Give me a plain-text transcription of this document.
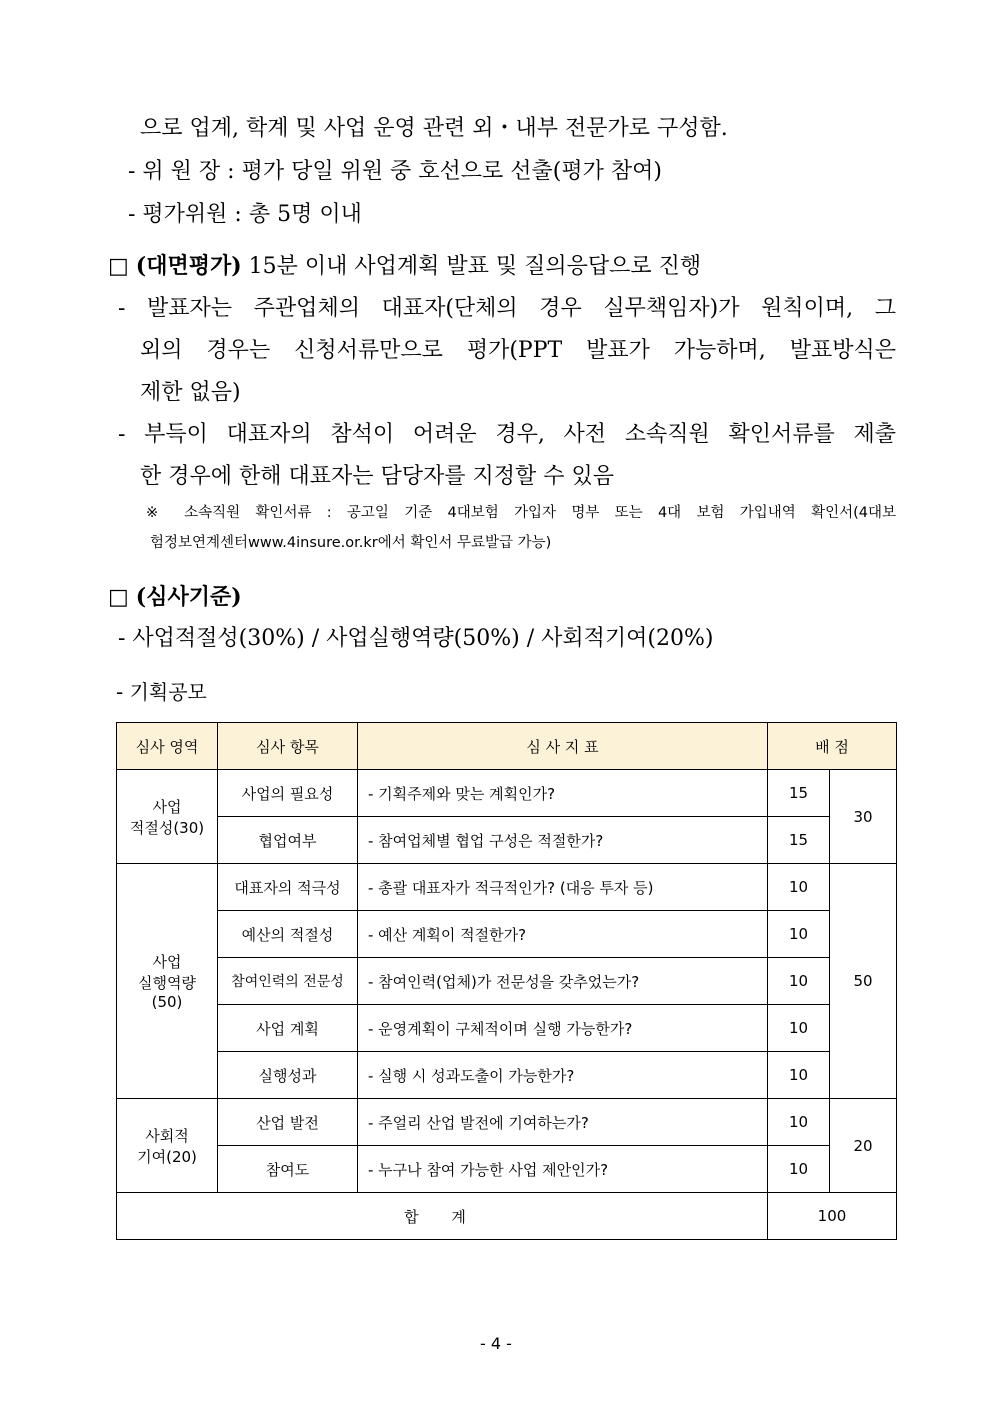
으로 업계, 학계 및 사업 운영 관련 외・내부 전문가로 구성함.
- 위 원 장 : 평가 당일 위원 중 호선으로 선출(평가 참여)
- 평가위원 : 총 5명 이내
□ (대면평가) 15분 이내 사업계획 발표 및 질의응답으로 진행
- 발표자는 주관업체의 대표자(단체의 경우 실무책임자)가 원칙이며, 그
외의 경우는 신청서류만으로 평가(PPT 발표가 가능하며, 발표방식은
제한 없음)
- 부득이 대표자의 참석이 어려운 경우, 사전 소속직원 확인서류를 제출
한 경우에 한해 대표자는 담당자를 지정할 수 있음
※ 소속직원 확인서류 : 공고일 기준 4대보험 가입자 명부 또는 4대 보험 가입내역 확인서(4대보
험정보연계센터www.4insure.or.kr에서 확인서 무료발급 가능)
□ (심사기준)
- 사업적절성(30%) / 사업실행역량(50%) / 사회적기여(20%)
- 기획공모
심사 영역	심사 항목	심 사 지 표	배 점	

사업
적절성(30)	사업의 필요성	- 기획주제와 맞는 계획인가?	15	30
	협업여부	- 참여업체별 협업 구성은 적절한가?	15	

사업
실행역량
(50)	대표자의 적극성	- 총괄 대표자가 적극적인가? (대응 투자 등)	10	50
	예산의 적절성	- 예산 계획이 적절한가?	10	
	참여인력의 전문성	- 참여인력(업체)가 전문성을 갖추었는가?	10	
	사업 계획	- 운영계획이 구체적이며 실행 가능한가?	10	
	실행성과	- 실행 시 성과도출이 가능한가?	10	

사회적
기여(20)	산업 발전	- 주얼리 산업 발전에 기여하는가?	10	20
	참여도	- 누구나 참여 가능한 사업 제안인가?	10	
합 계			100	
- 4 -
